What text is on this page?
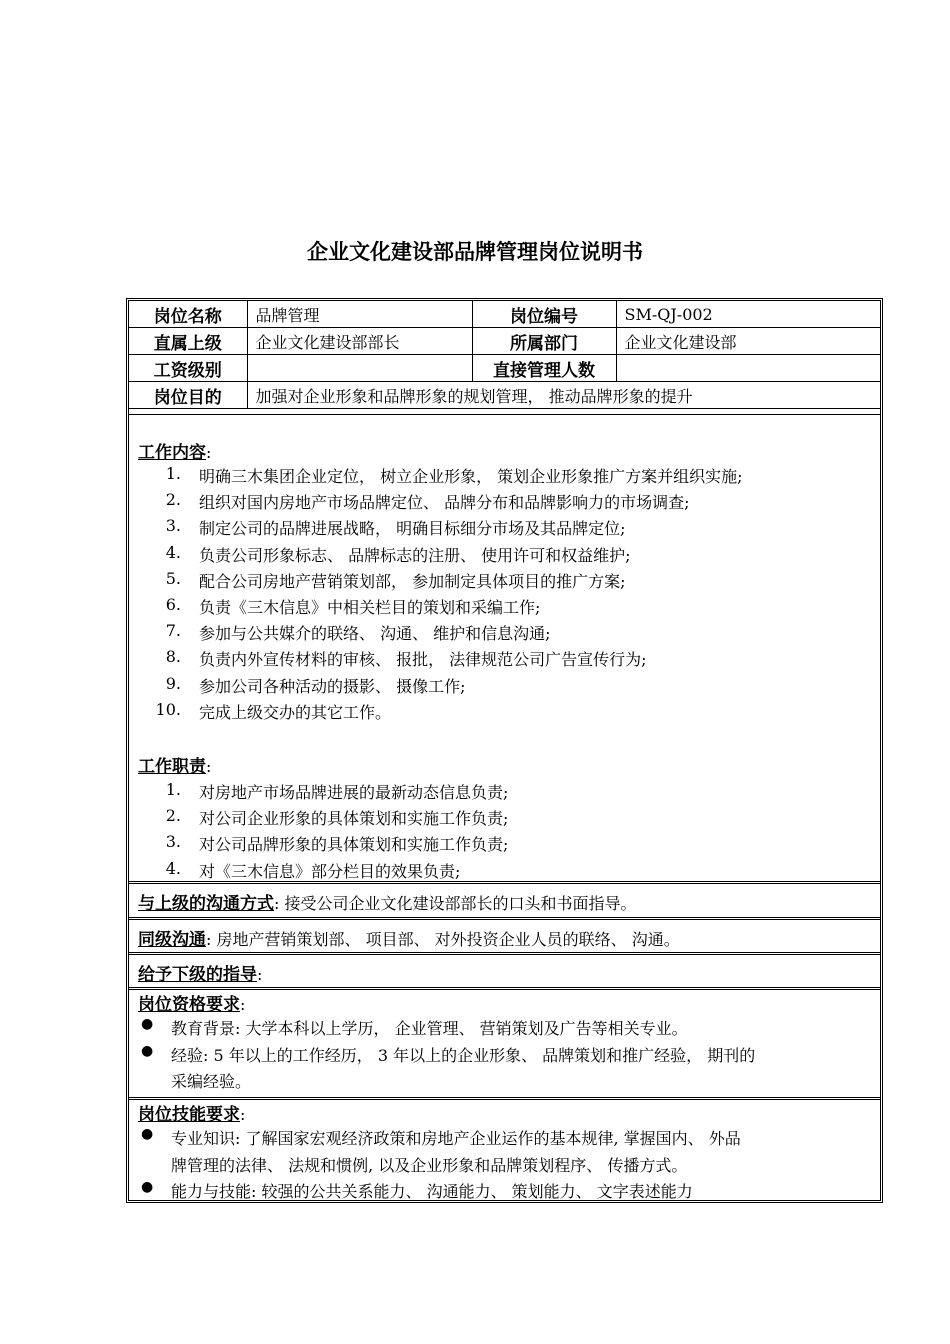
企业文化建设部品牌管理岗位说明书
岗位名称	品牌管理	岗位编号	SM-QJ-002
直属上级	企业文化建设部部长	所属部门	企业文化建设部
工资级别		直接管理人数	
岗位目的	加强对企业形象和品牌形象的规划管理， 推动品牌形象的提升		
工作内容:
1. 明确三木集团企业定位， 树立企业形象， 策划企业形象推广方案并组织实施;
2. 组织对国内房地产市场品牌定位、 品牌分布和品牌影响力的市场调查;
3. 制定公司的品牌进展战略， 明确目标细分市场及其品牌定位;
4. 负责公司形象标志、 品牌标志的注册、 使用许可和权益维护;
5. 配合公司房地产营销策划部， 参加制定具体项目的推广方案;
6. 负责《三木信息》中相关栏目的策划和采编工作;
7. 参加与公共媒介的联络、 沟通、 维护和信息沟通;
8. 负责内外宣传材料的审核、 报批， 法律规范公司广告宣传行为;
9. 参加公司各种活动的摄影、 摄像工作;
10. 完成上级交办的其它工作。
工作职责:
1. 对房地产市场品牌进展的最新动态信息负责;
2. 对公司企业形象的具体策划和实施工作负责;
3. 对公司品牌形象的具体策划和实施工作负责;
4. 对《三木信息》部分栏目的效果负责;
与上级的沟通方式: 接受公司企业文化建设部部长的口头和书面指导。
同级沟通: 房地产营销策划部、 项目部、 对外投资企业人员的联络、 沟通。
给予下级的指导:
岗位资格要求:
● 教育背景: 大学本科以上学历， 企业管理、 营销策划及广告等相关专业。
● 经验: 5 年以上的工作经历， 3 年以上的企业形象、 品牌策划和推广经验， 期刊的
采编经验。
岗位技能要求:
● 专业知识: 了解国家宏观经济政策和房地产企业运作的基本规律, 掌握国内、 外品
牌管理的法律、 法规和惯例, 以及企业形象和品牌策划程序、 传播方式。
● 能力与技能: 较强的公共关系能力、 沟通能力、 策划能力、 文字表述能力
